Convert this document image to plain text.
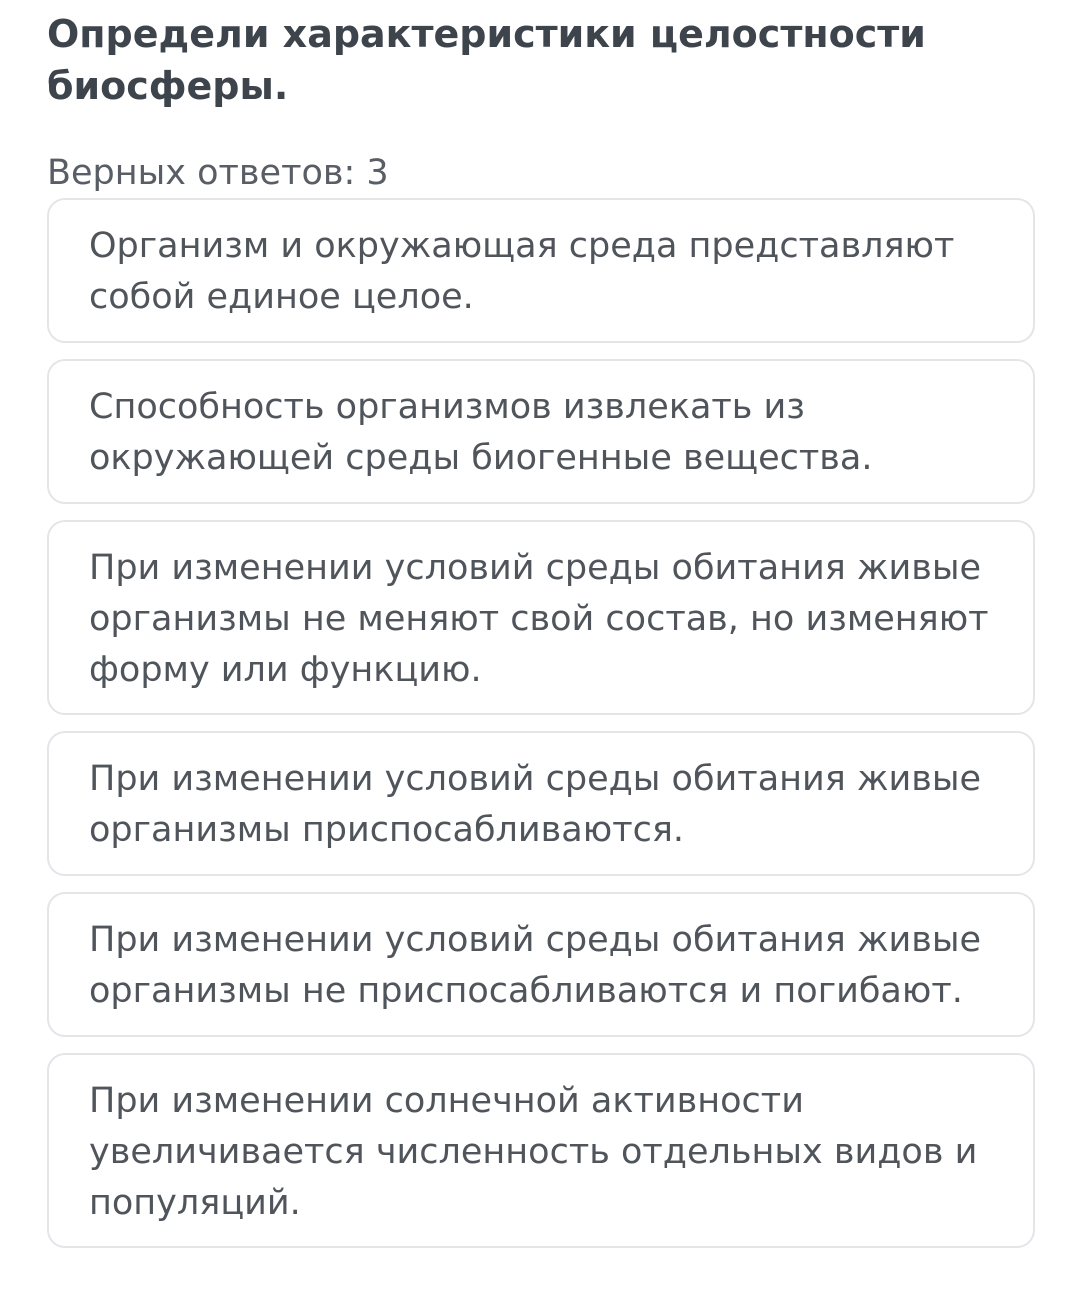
Определи характеристики целостности биосферы.

Верных ответов: 3

Организм и окружающая среда представляют собой единое целое.
Способность организмов извлекать из окружающей среды биогенные вещества.
При изменении условий среды обитания живые организмы не меняют свой состав, но изменяют форму или функцию.
При изменении условий среды обитания живые организмы приспосабливаются.
При изменении условий среды обитания живые организмы не приспосабливаются и погибают.
При изменении солнечной активности увеличивается численность отдельных видов и популяций.
